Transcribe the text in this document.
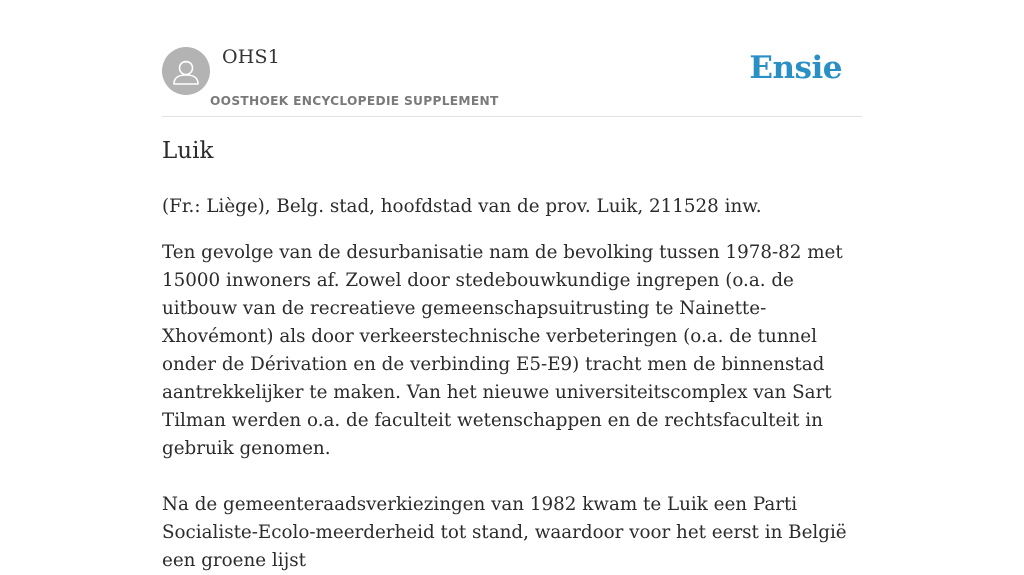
OHS1
OOSTHOEK ENCYCLOPEDIE SUPPLEMENT
Ensie
Luik

(Fr.: Liège), Belg. stad, hoofdstad van de prov. Luik, 211528 inw.

Ten gevolge van de desurbanisatie nam de bevolking tussen 1978-82 met 15000 inwoners af. Zowel door stedebouwkundige ingrepen (o.a. de uitbouw van de recreatieve gemeenschapsuitrusting te Nainette-Xhovémont) als door verkeerstechnische verbeteringen (o.a. de tunnel onder de Dérivation en de verbinding E5-E9) tracht men de binnenstad aantrekkelijker te maken. Van het nieuwe universiteitscomplex van Sart Tilman werden o.a. de faculteit wetenschappen en de rechtsfaculteit in gebruik genomen.

Na de gemeenteraadsverkiezingen van 1982 kwam te Luik een Parti Socialiste-Ecolo-meerderheid tot stand, waardoor voor het eerst in België een groene lijst
